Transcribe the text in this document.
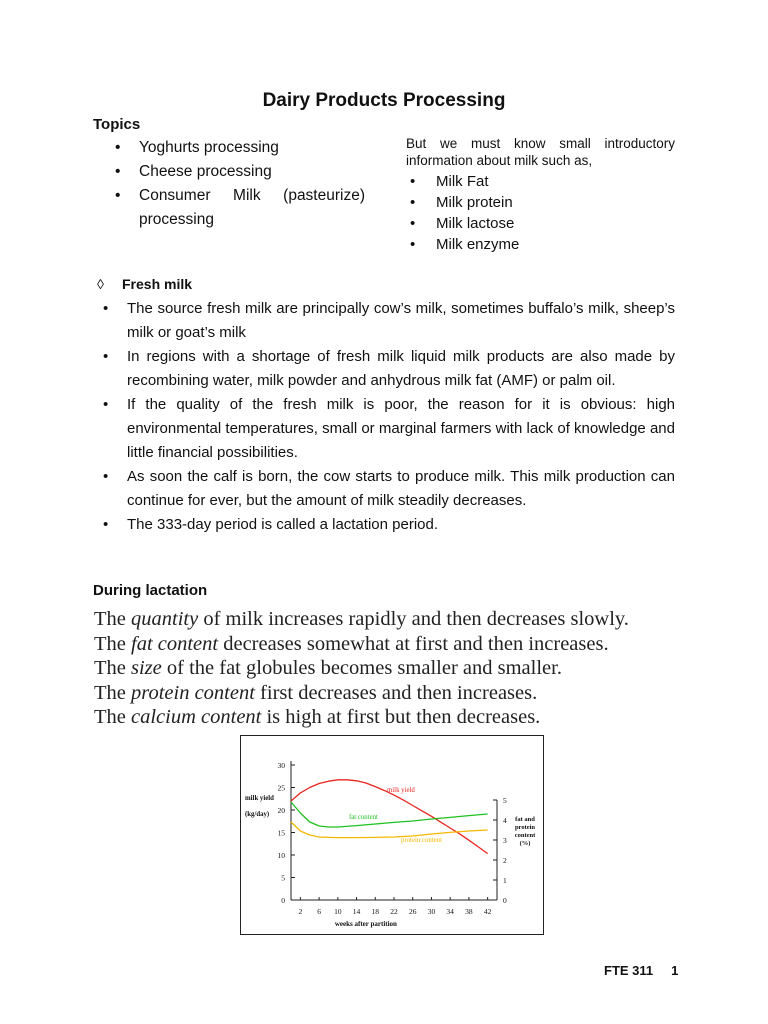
Dairy Products Processing
Topics
• Yoghurts processing
• Cheese processing
• Consumer Milk (pasteurize) processing
But we must know small introductory information about milk such as,
• Milk Fat
• Milk protein
• Milk lactose
• Milk enzyme
◊ Fresh milk
• The source fresh milk are principally cow’s milk, sometimes buffalo’s milk, sheep’s milk or goat’s milk
• In regions with a shortage of fresh milk liquid milk products are also made by recombining water, milk powder and anhydrous milk fat (AMF) or palm oil.
• If the quality of the fresh milk is poor, the reason for it is obvious: high environmental temperatures, small or marginal farmers with lack of knowledge and little financial possibilities.
• As soon the calf is born, the cow starts to produce milk. This milk production can continue for ever, but the amount of milk steadily decreases.
• The 333-day period is called a lactation period.
During lactation
The quantity of milk increases rapidly and then decreases slowly.
The fat content decreases somewhat at first and then increases.
The size of the fat globules becomes smaller and smaller.
The protein content first decreases and then increases.
The calcium content is high at first but then decreases.
0
5
10
15
20
25
30
0
1
2
3
4
5
2 6 10 14 18 22 26 30 34 38 42
weeks after partition
milk yield
(kg/day)
fat and
protein
content
(%)
milk yield
fat content
protein content
FTE 311 1
